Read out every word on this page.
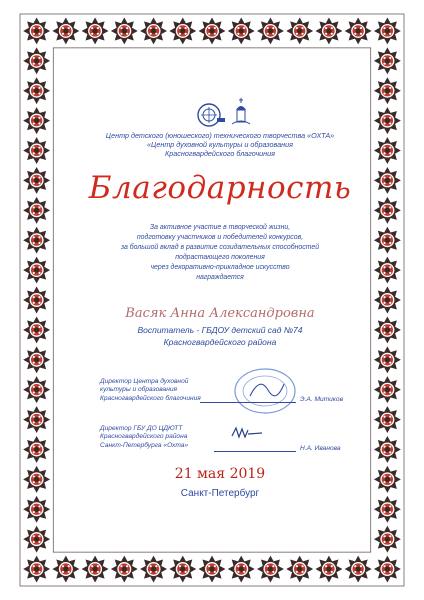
Центр детского (юношеского) технического творчества «ОХТА»
«Центр духовной культуры и образования
Красногвардейского благочиния
Благодарность
За активное участие в творческой жизни,
подготовку участников и победителей конкурсов,
за большой вклад в развитие созидательных способностей
подрастающего поколения
через декоративно-прикладное искусство
награждается
Васяк Анна Александровна
Воспитатель - ГБДОУ детский сад №74
Красногвардейского района
Директор Центра духовной
культуры и образования
Красногвардейского благочиния	Э.А. Митиков
Директор ГБУ ДО ЦДЮТТ
Красногвардейского района
Санкт-Петербурга «Охта»	Н.А. Иванова
21 мая 2019
Санкт-Петербург
